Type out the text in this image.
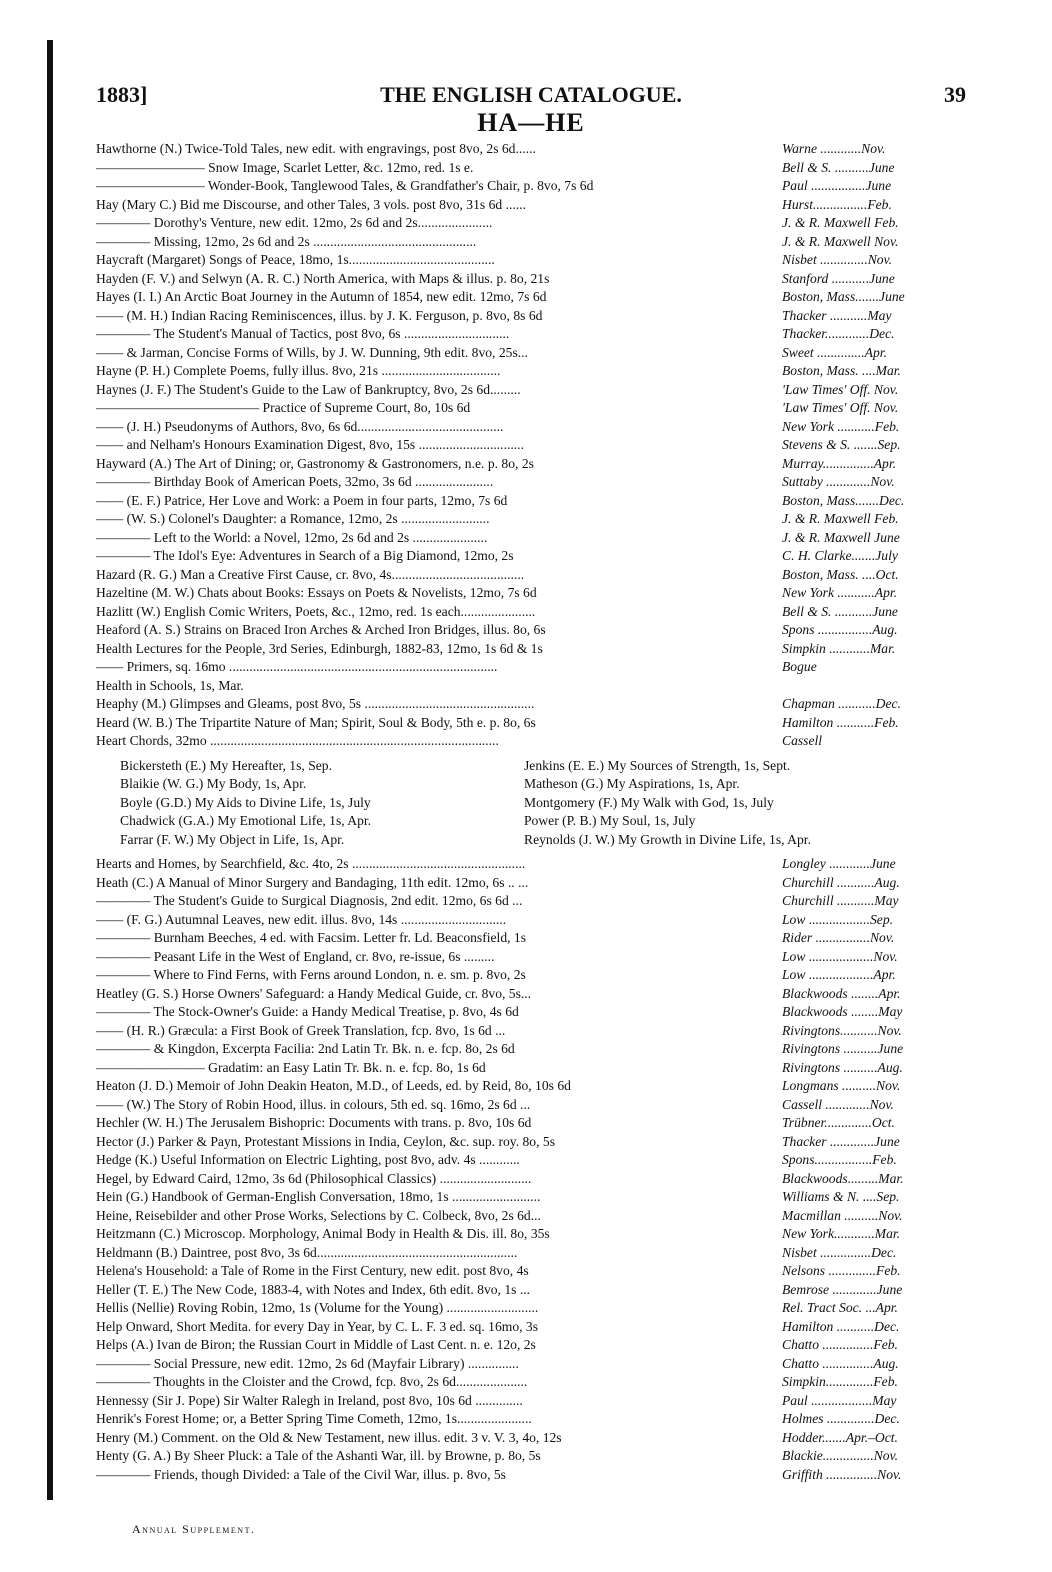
THE ENGLISH CATALOGUE.
1883]	39
HA—HE
Hawthorne (N.) Twice-Told Tales, new edit. with engravings, post 8vo, 2s 6d......	Warne ............Nov.
———————— Snow Image, Scarlet Letter, &c. 12mo, red. 1s e.	Bell & S. ..........June
———————— Wonder-Book, Tanglewood Tales, & Grandfather's Chair, p. 8vo, 7s 6d	Paul ................June
Hay (Mary C.) Bid me Discourse, and other Tales, 3 vols. post 8vo, 31s 6d ......	Hurst................Feb.
———— Dorothy's Venture, new edit. 12mo, 2s 6d and 2s......................	J. & R. Maxwell Feb.
———— Missing, 12mo, 2s 6d and 2s ................................................	J. & R. Maxwell Nov.
Haycraft (Margaret) Songs of Peace, 18mo, 1s...........................................	Nisbet ..............Nov.
Hayden (F. V.) and Selwyn (A. R. C.) North America, with Maps & illus. p. 8o, 21s	Stanford ...........June
Hayes (I. I.) An Arctic Boat Journey in the Autumn of 1854, new edit. 12mo, 7s 6d	Boston, Mass.......June
—— (M. H.) Indian Racing Reminiscences, illus. by J. K. Ferguson, p. 8vo, 8s 6d	Thacker ...........May
———— The Student's Manual of Tactics, post 8vo, 6s ...............................	Thacker.............Dec.
—— & Jarman, Concise Forms of Wills, by J. W. Dunning, 9th edit. 8vo, 25s...	Sweet ..............Apr.
Hayne (P. H.) Complete Poems, fully illus. 8vo, 21s ...................................	Boston, Mass. ....Mar.
Haynes (J. F.) The Student's Guide to the Law of Bankruptcy, 8vo, 2s 6d.........	'Law Times' Off. Nov.
———————————— Practice of Supreme Court, 8o, 10s 6d	'Law Times' Off. Nov.
—— (J. H.) Pseudonyms of Authors, 8vo, 6s 6d...........................................	New York ...........Feb.
—— and Nelham's Honours Examination Digest, 8vo, 15s ...............................	Stevens & S. .......Sep.
Hayward (A.) The Art of Dining; or, Gastronomy & Gastronomers, n.e. p. 8o, 2s	Murray...............Apr.
———— Birthday Book of American Poets, 32mo, 3s 6d .......................	Suttaby .............Nov.
—— (E. F.) Patrice, Her Love and Work: a Poem in four parts, 12mo, 7s 6d	Boston, Mass.......Dec.
—— (W. S.) Colonel's Daughter: a Romance, 12mo, 2s ..........................	J. & R. Maxwell Feb.
———— Left to the World: a Novel, 12mo, 2s 6d and 2s ......................	J. & R. Maxwell June
———— The Idol's Eye: Adventures in Search of a Big Diamond, 12mo, 2s	C. H. Clarke.......July
Hazard (R. G.) Man a Creative First Cause, cr. 8vo, 4s.......................................	Boston, Mass. ....Oct.
Hazeltine (M. W.) Chats about Books: Essays on Poets & Novelists, 12mo, 7s 6d	New York ...........Apr.
Hazlitt (W.) English Comic Writers, Poets, &c., 12mo, red. 1s each......................	Bell & S. ...........June
Heaford (A. S.) Strains on Braced Iron Arches & Arched Iron Bridges, illus. 8o, 6s	Spons ................Aug.
Health Lectures for the People, 3rd Series, Edinburgh, 1882-83, 12mo, 1s 6d & 1s	Simpkin ............Mar.
—— Primers, sq. 16mo ...............................................................................	Bogue
Health in Schools, 1s, Mar.
Heaphy (M.) Glimpses and Gleams, post 8vo, 5s ..................................................	Chapman ...........Dec.
Heard (W. B.) The Tripartite Nature of Man; Spirit, Soul & Body, 5th e. p. 8o, 6s	Hamilton ...........Feb.
Heart Chords, 32mo .....................................................................................	Cassell
Bickersteth (E.) My Hereafter, 1s, Sep.	Jenkins (E. E.) My Sources of Strength, 1s, Sept.
Blaikie (W. G.) My Body, 1s, Apr.	Matheson (G.) My Aspirations, 1s, Apr.
Boyle (G.D.) My Aids to Divine Life, 1s, July	Montgomery (F.) My Walk with God, 1s, July
Chadwick (G.A.) My Emotional Life, 1s, Apr.	Power (P. B.) My Soul, 1s, July
Farrar (F. W.) My Object in Life, 1s, Apr.	Reynolds (J. W.) My Growth in Divine Life, 1s, Apr.
Hearts and Homes, by Searchfield, &c. 4to, 2s ...................................................	Longley ............June
Heath (C.) A Manual of Minor Surgery and Bandaging, 11th edit. 12mo, 6s .. ...	Churchill ...........Aug.
———— The Student's Guide to Surgical Diagnosis, 2nd edit. 12mo, 6s 6d ...	Churchill ...........May
—— (F. G.) Autumnal Leaves, new edit. illus. 8vo, 14s ...............................	Low ..................Sep.
———— Burnham Beeches, 4 ed. with Facsim. Letter fr. Ld. Beaconsfield, 1s	Rider ................Nov.
———— Peasant Life in the West of England, cr. 8vo, re-issue, 6s .........	Low ...................Nov.
———— Where to Find Ferns, with Ferns around London, n. e. sm. p. 8vo, 2s	Low ...................Apr.
Heatley (G. S.) Horse Owners' Safeguard: a Handy Medical Guide, cr. 8vo, 5s...	Blackwoods ........Apr.
———— The Stock-Owner's Guide: a Handy Medical Treatise, p. 8vo, 4s 6d	Blackwoods ........May
—— (H. R.) Græcula: a First Book of Greek Translation, fcp. 8vo, 1s 6d ...	Rivingtons...........Nov.
———— & Kingdon, Excerpta Facilia: 2nd Latin Tr. Bk. n. e. fcp. 8o, 2s 6d	Rivingtons ..........June
———————— Gradatim: an Easy Latin Tr. Bk. n. e. fcp. 8o, 1s 6d	Rivingtons ..........Aug.
Heaton (J. D.) Memoir of John Deakin Heaton, M.D., of Leeds, ed. by Reid, 8o, 10s 6d	Longmans ..........Nov.
—— (W.) The Story of Robin Hood, illus. in colours, 5th ed. sq. 16mo, 2s 6d ...	Cassell .............Nov.
Hechler (W. H.) The Jerusalem Bishopric: Documents with trans. p. 8vo, 10s 6d	Trübner..............Oct.
Hector (J.) Parker & Payn, Protestant Missions in India, Ceylon, &c. sup. roy. 8o, 5s	Thacker .............June
Hedge (K.) Useful Information on Electric Lighting, post 8vo, adv. 4s ............	Spons.................Feb.
Hegel, by Edward Caird, 12mo, 3s 6d (Philosophical Classics) ...........................	Blackwoods.........Mar.
Hein (G.) Handbook of German-English Conversation, 18mo, 1s ..........................	Williams & N. ....Sep.
Heine, Reisebilder and other Prose Works, Selections by C. Colbeck, 8vo, 2s 6d...	Macmillan ..........Nov.
Heitzmann (C.) Microscop. Morphology, Animal Body in Health & Dis. ill. 8o, 35s	New York............Mar.
Heldmann (B.) Daintree, post 8vo, 3s 6d...........................................................	Nisbet ...............Dec.
Helena's Household: a Tale of Rome in the First Century, new edit. post 8vo, 4s	Nelsons ..............Feb.
Heller (T. E.) The New Code, 1883-4, with Notes and Index, 6th edit. 8vo, 1s ...	Bemrose .............June
Hellis (Nellie) Roving Robin, 12mo, 1s (Volume for the Young) ...........................	Rel. Tract Soc. ...Apr.
Help Onward, Short Medita. for every Day in Year, by C. L. F. 3 ed. sq. 16mo, 3s	Hamilton ...........Dec.
Helps (A.) Ivan de Biron; the Russian Court in Middle of Last Cent. n. e. 12o, 2s	Chatto ...............Feb.
———— Social Pressure, new edit. 12mo, 2s 6d (Mayfair Library) ...............	Chatto ...............Aug.
———— Thoughts in the Cloister and the Crowd, fcp. 8vo, 2s 6d.....................	Simpkin..............Feb.
Hennessy (Sir J. Pope) Sir Walter Ralegh in Ireland, post 8vo, 10s 6d ..............	Paul ..................May
Henrik's Forest Home; or, a Better Spring Time Cometh, 12mo, 1s......................	Holmes ..............Dec.
Henry (M.) Comment. on the Old & New Testament, new illus. edit. 3 v. V. 3, 4o, 12s	Hodder.......Apr.–Oct.
Henty (G. A.) By Sheer Pluck: a Tale of the Ashanti War, ill. by Browne, p. 8o, 5s	Blackie...............Nov.
———— Friends, though Divided: a Tale of the Civil War, illus. p. 8vo, 5s	Griffith ...............Nov.
Annual Supplement.
